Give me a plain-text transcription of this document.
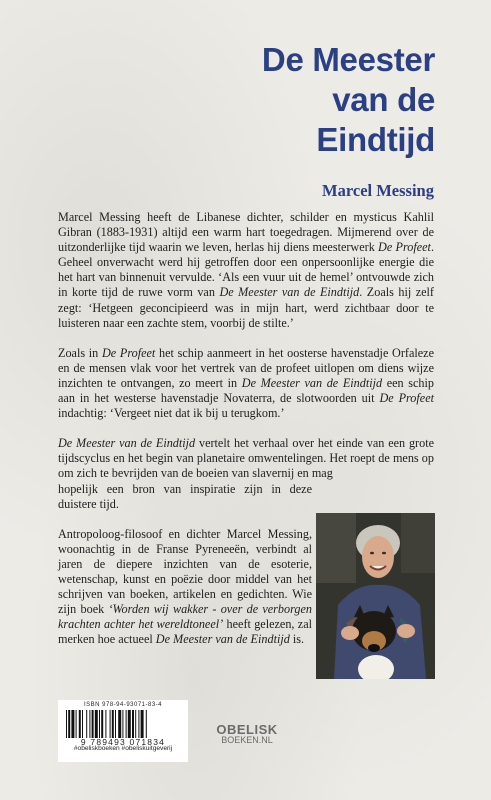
De Meester
van de
Eindtijd
Marcel Messing

Marcel Messing heeft de Libanese dichter, schilder en mysticus Kahlil Gibran (1883-1931) altijd een warm hart toegedragen. Mijmerend over de uitzonderlijke tijd waarin we leven, herlas hij diens meesterwerk De Profeet. Geheel onverwacht werd hij getroffen door een onpersoonlijke energie die het hart van binnenuit vervulde. ‘Als een vuur uit de hemel’ ontvouwde zich in korte tijd de ruwe vorm van De Meester van de Eindtijd. Zoals hij zelf zegt: ‘Hetgeen geconcipieerd was in mijn hart, werd zichtbaar door te luisteren naar een zachte stem, voorbij de stilte.’

Zoals in De Profeet het schip aanmeert in het oosterse havenstadje Orfaleze en de mensen vlak voor het vertrek van de profeet uitlopen om diens wijze inzichten te ontvangen, zo meert in De Meester van de Eindtijd een schip aan in het westerse havenstadje Novaterra, de slotwoorden uit De Profeet indachtig: ‘Vergeet niet dat ik bij u terugkom.’

De Meester van de Eindtijd vertelt het verhaal over het einde van een grote tijdscyclus en het begin van planetaire omwentelingen. Het roept de mens op om zich te bevrijden van de boeien van slavernij en mag
hopelijk een bron van inspiratie zijn in deze duistere tijd.

Antropoloog-filosoof en dichter Marcel Messing, woonachtig in de Franse Pyreneeën, verbindt al jaren de diepere inzichten van de esoterie, wetenschap, kunst en poëzie door middel van het schrijven van boeken, artikelen en gedichten. Wie zijn boek ‘Worden wij wakker - over de verborgen krachten achter het wereldtoneel’ heeft gelezen, zal merken hoe actueel De Meester van de Eindtijd is.

ISBN 978-94-93071-83-4
9 789493 071834
#obeliskboeken #obeliskuitgeverij
OBELISK
BOEKEN.NL
